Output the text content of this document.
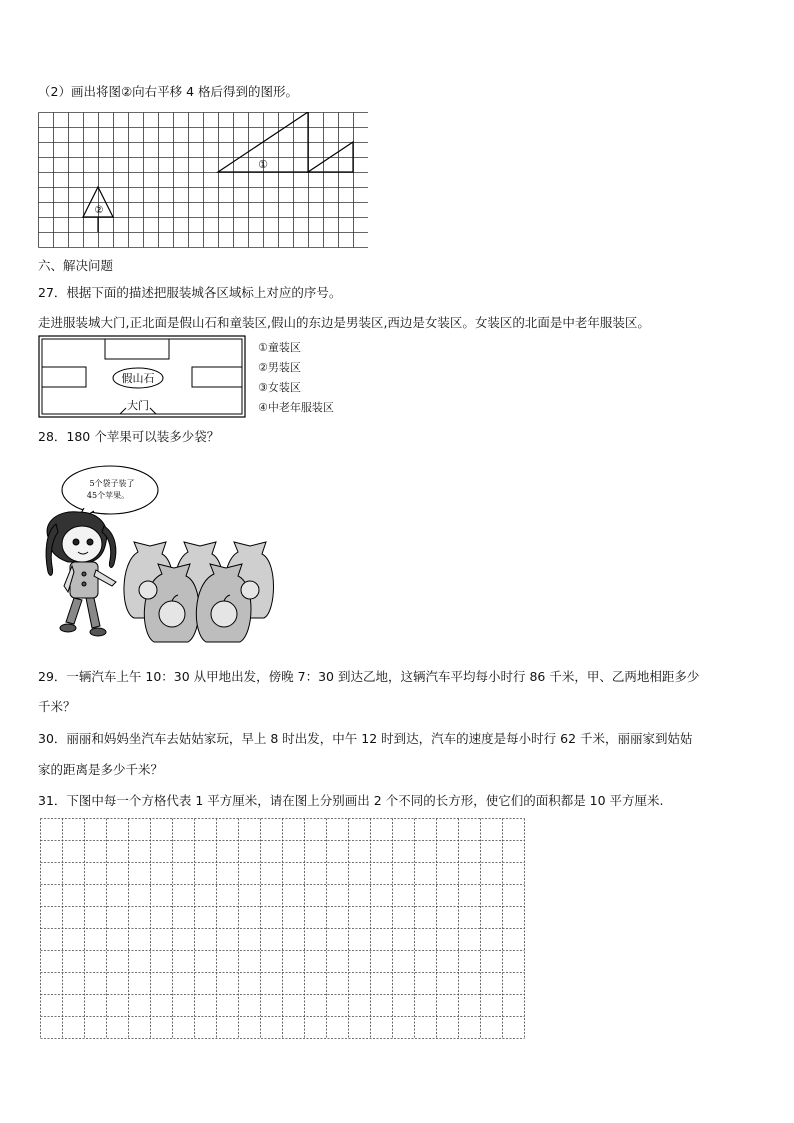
（2）画出将图②向右平移 4 格后得到的图形。
①
②
六、解决问题
27．根据下面的描述把服装城各区域标上对应的序号。
走进服装城大门,正北面是假山石和童装区,假山的东边是男装区,西边是女装区。女装区的北面是中老年服装区。
假山石
大门
①童装区
②男装区
③女装区
④中老年服装区
28．180 个苹果可以装多少袋？
5个袋子装了
45个苹果。
29．一辆汽车上午 10：30 从甲地出发，傍晚 7：30 到达乙地，这辆汽车平均每小时行 86 千米，甲、乙两地相距多少
千米？
30．丽丽和妈妈坐汽车去姑姑家玩，早上 8 时出发，中午 12 时到达，汽车的速度是每小时行 62 千米，丽丽家到姑姑
家的距离是多少千米？
31．下图中每一个方格代表 1 平方厘米，请在图上分别画出 2 个不同的长方形，使它们的面积都是 10 平方厘米.
